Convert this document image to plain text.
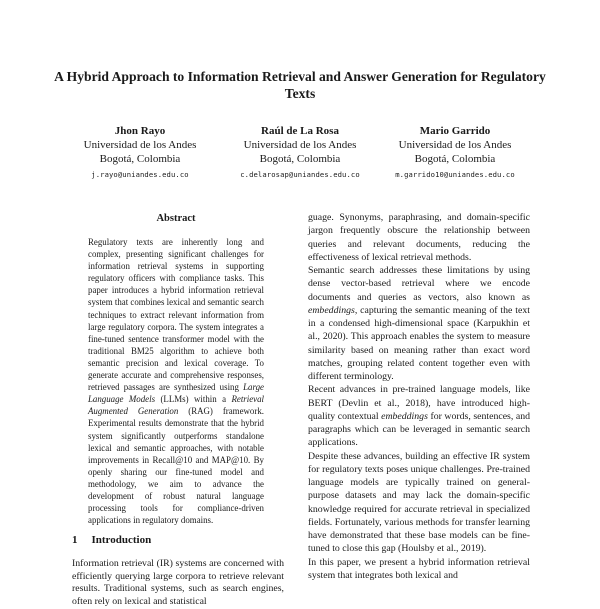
A Hybrid Approach to Information Retrieval and Answer Generation for Regulatory Texts
Jhon Rayo
Universidad de los Andes
Bogotá, Colombia
j.rayo@uniandes.edu.co
Raúl de La Rosa
Universidad de los Andes
Bogotá, Colombia
c.delarosap@uniandes.edu.co
Mario Garrido
Universidad de los Andes
Bogotá, Colombia
m.garrido10@uniandes.edu.co
Abstract
Regulatory texts are inherently long and complex, presenting significant challenges for information retrieval systems in supporting regulatory officers with compliance tasks. This paper introduces a hybrid information retrieval system that combines lexical and semantic search techniques to extract relevant information from large regulatory corpora. The system integrates a fine-tuned sentence transformer model with the traditional BM25 algorithm to achieve both semantic precision and lexical coverage. To generate accurate and comprehensive responses, retrieved passages are synthesized using Large Language Models (LLMs) within a Retrieval Augmented Generation (RAG) framework. Experimental results demonstrate that the hybrid system significantly outperforms standalone lexical and semantic approaches, with notable improvements in Recall@10 and MAP@10. By openly sharing our fine-tuned model and methodology, we aim to advance the development of robust natural language processing tools for compliance-driven applications in regulatory domains.
1 Introduction
Information retrieval (IR) systems are concerned with efficiently querying large corpora to retrieve relevant results. Traditional systems, such as search engines, often rely on lexical and statistical

guage. Synonyms, paraphrasing, and domain-specific jargon frequently obscure the relationship between queries and relevant documents, reducing the effectiveness of lexical retrieval methods.

Semantic search addresses these limitations by using dense vector-based retrieval where we encode documents and queries as vectors, also known as embeddings, capturing the semantic meaning of the text in a condensed high-dimensional space (Karpukhin et al., 2020). This approach enables the system to measure similarity based on meaning rather than exact word matches, grouping related content together even with different terminology.

Recent advances in pre-trained language models, like BERT (Devlin et al., 2018), have introduced high-quality contextual embeddings for words, sentences, and paragraphs which can be leveraged in semantic search applications.

Despite these advances, building an effective IR system for regulatory texts poses unique challenges. Pre-trained language models are typically trained on general-purpose datasets and may lack the domain-specific knowledge required for accurate retrieval in specialized fields. Fortunately, various methods for transfer learning have demonstrated that these base models can be fine-tuned to close this gap (Houlsby et al., 2019).

In this paper, we present a hybrid information retrieval system that integrates both lexical and
